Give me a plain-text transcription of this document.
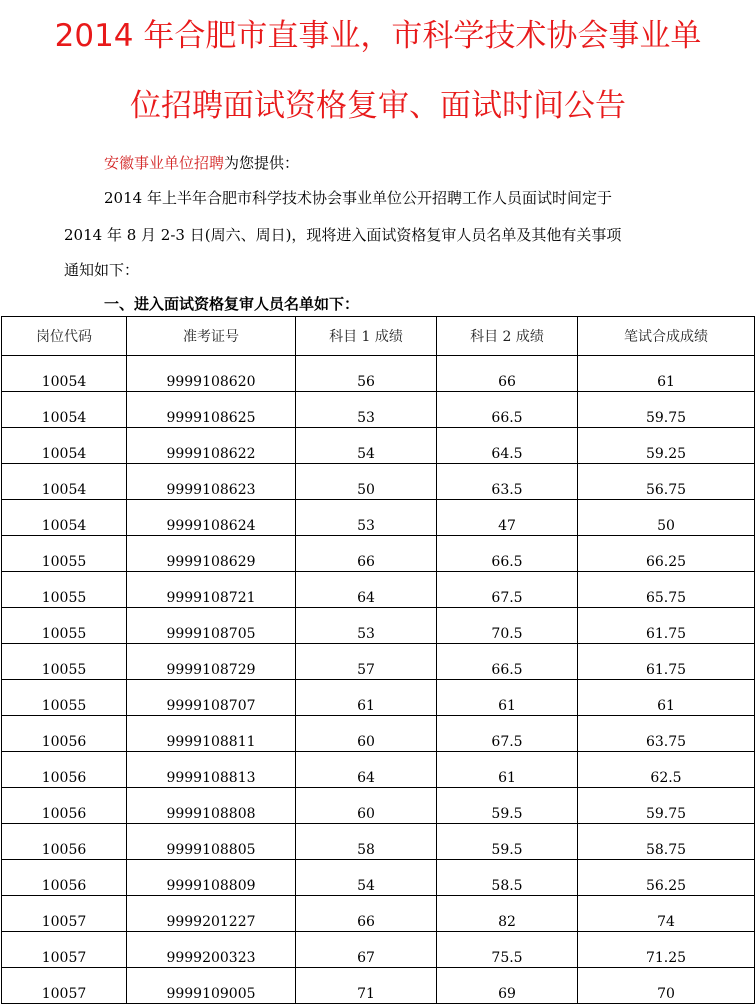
2014 年合肥市直事业，市科学技术协会事业单
位招聘面试资格复审、面试时间公告
安徽事业单位招聘为您提供：
2014 年上半年合肥市科学技术协会事业单位公开招聘工作人员面试时间定于
2014 年 8 月 2-3 日(周六、周日)，现将进入面试资格复审人员名单及其他有关事项
通知如下：
一、进入面试资格复审人员名单如下：
岗位代码	准考证号	科目 1 成绩	科目 2 成绩	笔试合成成绩
10054	9999108620	56	66	61
10054	9999108625	53	66.5	59.75
10054	9999108622	54	64.5	59.25
10054	9999108623	50	63.5	56.75
10054	9999108624	53	47	50
10055	9999108629	66	66.5	66.25
10055	9999108721	64	67.5	65.75
10055	9999108705	53	70.5	61.75
10055	9999108729	57	66.5	61.75
10055	9999108707	61	61	61
10056	9999108811	60	67.5	63.75
10056	9999108813	64	61	62.5
10056	9999108808	60	59.5	59.75
10056	9999108805	58	59.5	58.75
10056	9999108809	54	58.5	56.25
10057	9999201227	66	82	74
10057	9999200323	67	75.5	71.25
10057	9999109005	71	69	70
